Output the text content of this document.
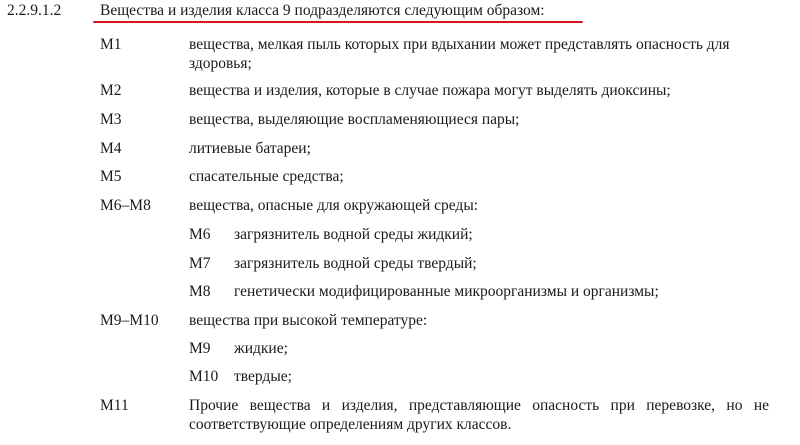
2.2.9.1.2	Вещества и изделия класса 9 подразделяются следующим образом:
M1	вещества, мелкая пыль которых при вдыхании может представлять опасность для здоровья;
M2	вещества и изделия, которые в случае пожара могут выделять диоксины;
M3	вещества, выделяющие воспламеняющиеся пары;
M4	литиевые батареи;
M5	спасательные средства;
M6–M8 вещества, опасные для окружающей среды:
M6 загрязнитель водной среды жидкий;
M7 загрязнитель водной среды твердый;
M8 генетически модифицированные микроорганизмы и организмы;
M9–M10 вещества при высокой температуре:
M9 жидкие;
M10 твердые;
M11	Прочие вещества и изделия, представляющие опасность при перевозке, но не соответствующие определениям других классов.
